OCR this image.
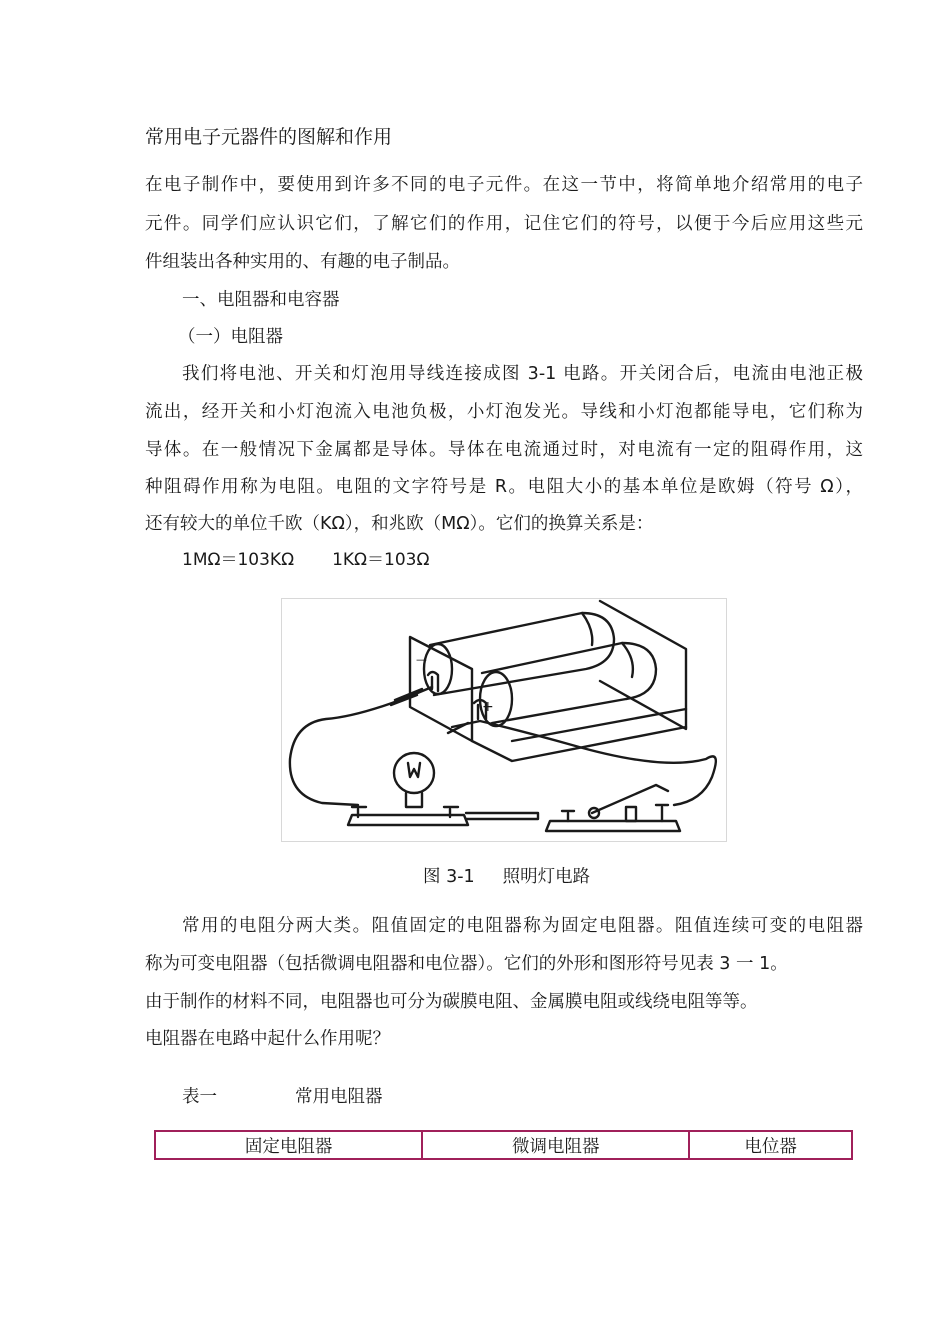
常用电子元器件的图解和作用
在电子制作中，要使用到许多不同的电子元件。在这一节中，将简单地介绍常用的电子
元件。同学们应认识它们，了解它们的作用，记住它们的符号，以便于今后应用这些元
件组装出各种实用的、有趣的电子制品。
一、电阻器和电容器
（一）电阻器
我们将电池、开关和灯泡用导线连接成图 3-1 电路。开关闭合后，电流由电池正极
流出，经开关和小灯泡流入电池负极，小灯泡发光。导线和小灯泡都能导电，它们称为
导体。在一般情况下金属都是导体。导体在电流通过时，对电流有一定的阻碍作用，这
种阻碍作用称为电阻。电阻的文字符号是 R。电阻大小的基本单位是欧姆（符号 Ω），
还有较大的单位千欧（KΩ），和兆欧（MΩ）。它们的换算关系是：
1MΩ＝103KΩ 1KΩ＝103Ω
+
—
图 3-1 照明灯电路
常用的电阻分两大类。阻值固定的电阻器称为固定电阻器。阻值连续可变的电阻器
称为可变电阻器（包括微调电阻器和电位器）。它们的外形和图形符号见表 3 一 1。
由于制作的材料不同，电阻器也可分为碳膜电阻、金属膜电阻或线绕电阻等等。
电阻器在电路中起什么作用呢？
表一	常用电阻器
固定电阻器	微调电阻器	电位器
